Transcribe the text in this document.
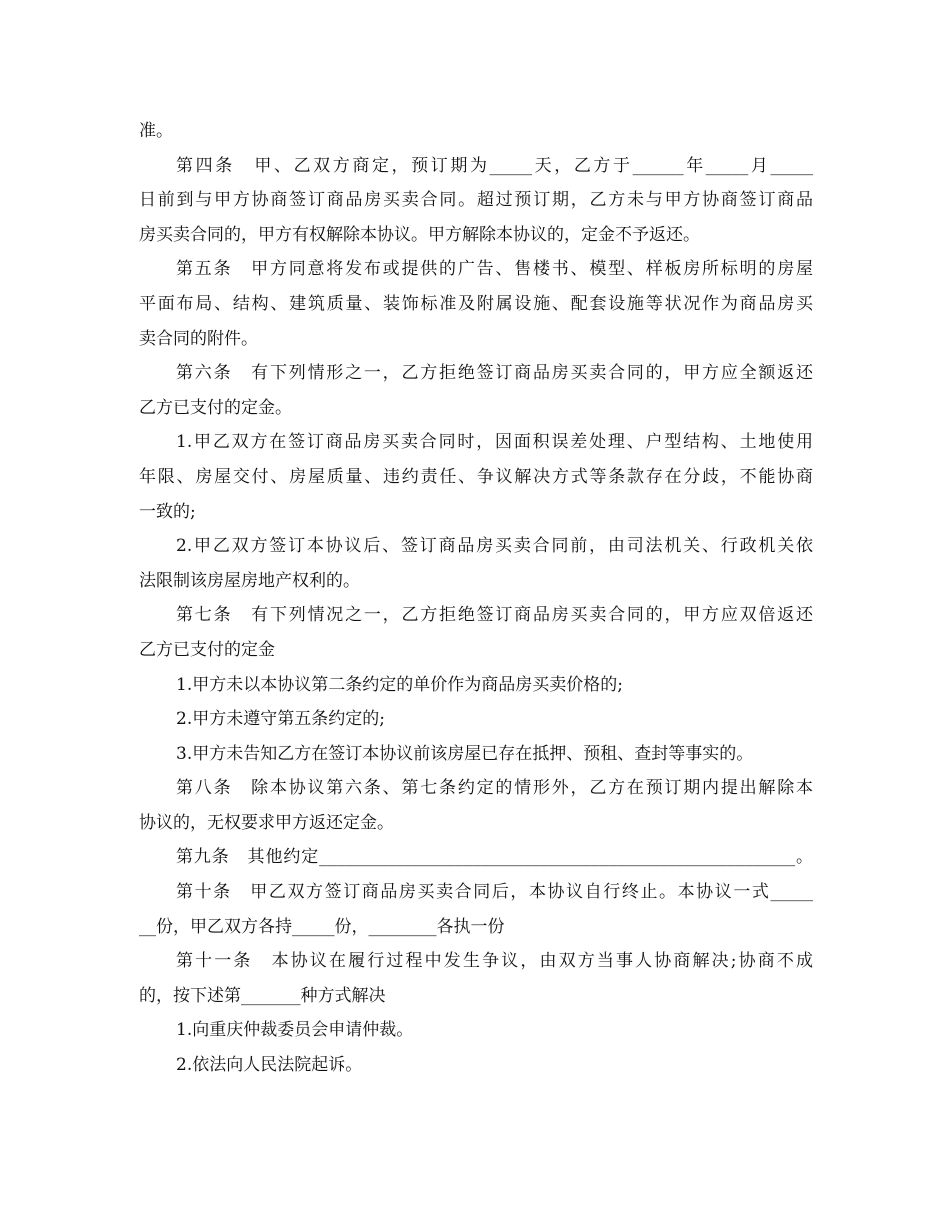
准。
第四条　甲、乙双方商定，预订期为_____天，乙方于______年_____月_____
日前到与甲方协商签订商品房买卖合同。超过预订期，乙方未与甲方协商签订商品
房买卖合同的，甲方有权解除本协议。甲方解除本协议的，定金不予返还。
第五条　甲方同意将发布或提供的广告、售楼书、模型、样板房所标明的房屋
平面布局、结构、建筑质量、装饰标准及附属设施、配套设施等状况作为商品房买
卖合同的附件。
第六条　有下列情形之一，乙方拒绝签订商品房买卖合同的，甲方应全额返还
乙方已支付的定金。
1.甲乙双方在签订商品房买卖合同时，因面积误差处理、户型结构、土地使用
年限、房屋交付、房屋质量、违约责任、争议解决方式等条款存在分歧，不能协商
一致的;
2.甲乙双方签订本协议后、签订商品房买卖合同前，由司法机关、行政机关依
法限制该房屋房地产权利的。
第七条　有下列情况之一，乙方拒绝签订商品房买卖合同的，甲方应双倍返还
乙方已支付的定金
1.甲方未以本协议第二条约定的单价作为商品房买卖价格的;
2.甲方未遵守第五条约定的;
3.甲方未告知乙方在签订本协议前该房屋已存在抵押、预租、查封等事实的。
第八条　除本协议第六条、第七条约定的情形外，乙方在预订期内提出解除本
协议的，无权要求甲方返还定金。
第九条　其他约定________________________________________________________。
第十条　甲乙双方签订商品房买卖合同后，本协议自行终止。本协议一式_____
__份，甲乙双方各持_____份，________各执一份
第十一条　本协议在履行过程中发生争议，由双方当事人协商解决;协商不成
的，按下述第_______种方式解决
1.向重庆仲裁委员会申请仲裁。
2.依法向人民法院起诉。
